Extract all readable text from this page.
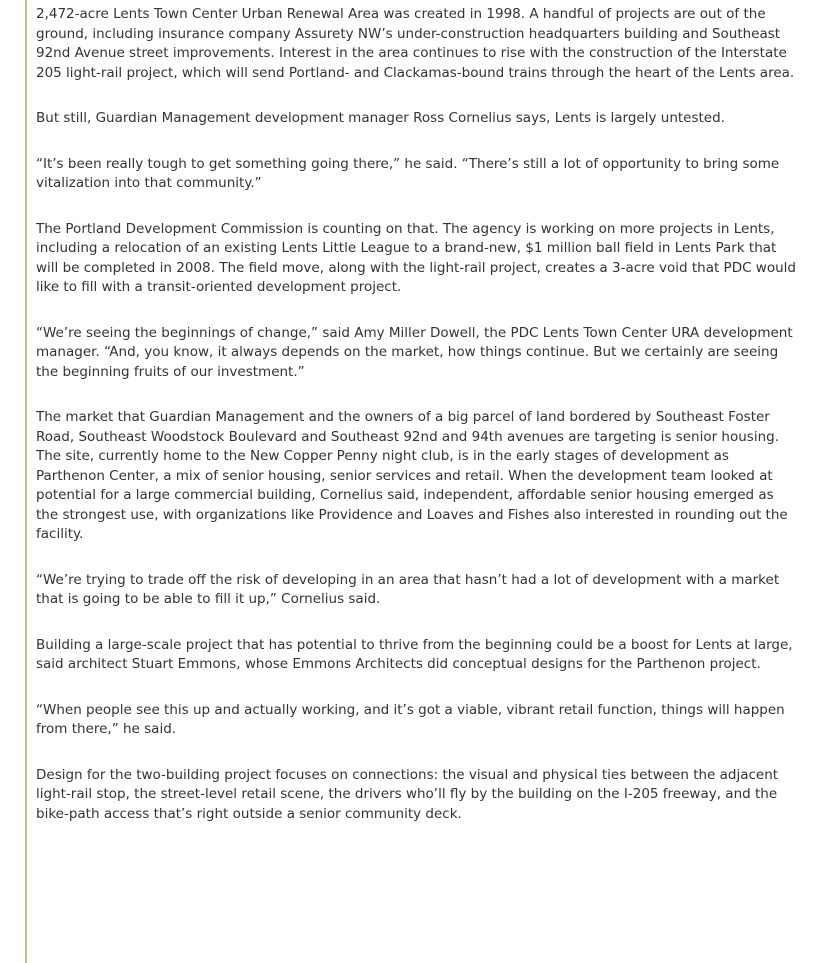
2,472-acre Lents Town Center Urban Renewal Area was created in 1998. A handful of projects are out of the ground, including insurance company Assurety NW’s under-construction headquarters building and Southeast 92nd Avenue street improvements. Interest in the area continues to rise with the construction of the Interstate 205 light-rail project, which will send Portland- and Clackamas-bound trains through the heart of the Lents area.

But still, Guardian Management development manager Ross Cornelius says, Lents is largely untested.

“It’s been really tough to get something going there,” he said. “There’s still a lot of opportunity to bring some vitalization into that community.”

The Portland Development Commission is counting on that. The agency is working on more projects in Lents, including a relocation of an existing Lents Little League to a brand-new, $1 million ball field in Lents Park that will be completed in 2008. The field move, along with the light-rail project, creates a 3-acre void that PDC would like to fill with a transit-oriented development project.

“We’re seeing the beginnings of change,” said Amy Miller Dowell, the PDC Lents Town Center URA development manager. “And, you know, it always depends on the market, how things continue. But we certainly are seeing the beginning fruits of our investment.”

The market that Guardian Management and the owners of a big parcel of land bordered by Southeast Foster Road, Southeast Woodstock Boulevard and Southeast 92nd and 94th avenues are targeting is senior housing. The site, currently home to the New Copper Penny night club, is in the early stages of development as Parthenon Center, a mix of senior housing, senior services and retail. When the development team looked at potential for a large commercial building, Cornelius said, independent, affordable senior housing emerged as the strongest use, with organizations like Providence and Loaves and Fishes also interested in rounding out the facility.

“We’re trying to trade off the risk of developing in an area that hasn’t had a lot of development with a market that is going to be able to fill it up,” Cornelius said.

Building a large-scale project that has potential to thrive from the beginning could be a boost for Lents at large, said architect Stuart Emmons, whose Emmons Architects did conceptual designs for the Parthenon project.

“When people see this up and actually working, and it’s got a viable, vibrant retail function, things will happen from there,” he said.

Design for the two-building project focuses on connections: the visual and physical ties between the adjacent light-rail stop, the street-level retail scene, the drivers who’ll fly by the building on the I-205 freeway, and the bike-path access that’s right outside a senior community deck.
